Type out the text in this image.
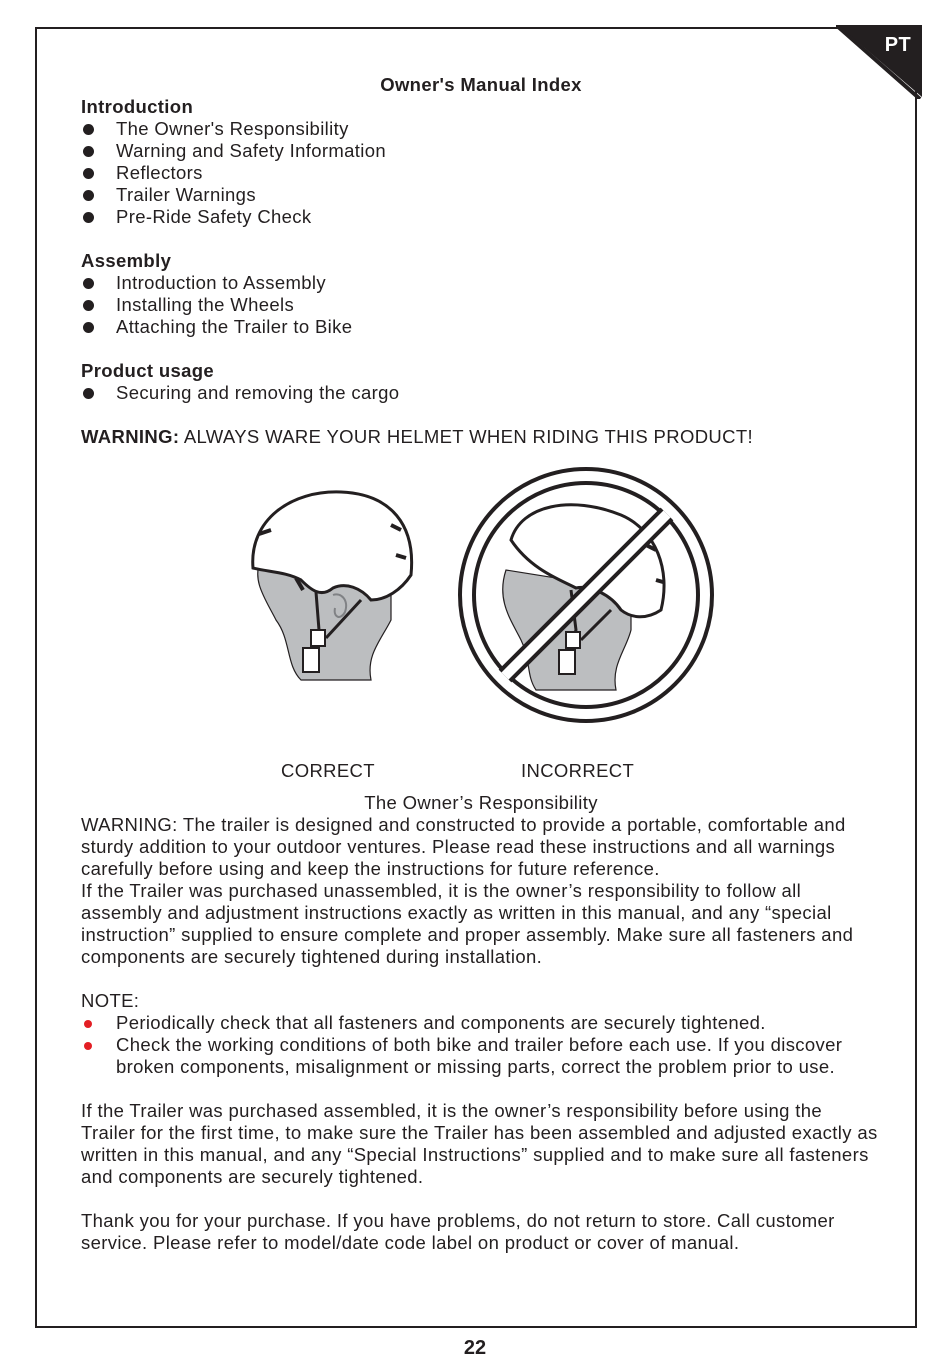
PT
Owner's Manual Index
Introduction
The Owner's Responsibility
Warning and Safety Information
Reflectors
Trailer Warnings
Pre-Ride Safety Check
Assembly
Introduction to Assembly
Installing the Wheels
Attaching the Trailer to Bike
Product usage
Securing and removing the cargo

WARNING: ALWAYS WARE YOUR HELMET WHEN RIDING THIS PRODUCT!

CORRECT	INCORRECT
The Owner’s Responsibility

WARNING: The trailer is designed and constructed to provide a portable, comfortable and sturdy addition to your outdoor ventures. Please read these instructions and all warnings carefully before using and keep the instructions for future reference.

If the Trailer was purchased unassembled, it is the owner’s responsibility to follow all assembly and adjustment instructions exactly as written in this manual, and any “special instruction” supplied to ensure complete and proper assembly. Make sure all fasteners and components are securely tightened during installation.

NOTE:
Periodically check that all fasteners and components are securely tightened.
Check the working conditions of both bike and trailer before each use. If you discover broken components, misalignment or missing parts, correct the problem prior to use.

If the Trailer was purchased assembled, it is the owner’s responsibility before using the Trailer for the first time, to make sure the Trailer has been assembled and adjusted exactly as written in this manual, and any “Special Instructions” supplied and to make sure all fasteners and components are securely tightened.

Thank you for your purchase. If you have problems, do not return to store. Call customer service. Please refer to model/date code label on product or cover of manual.

22
